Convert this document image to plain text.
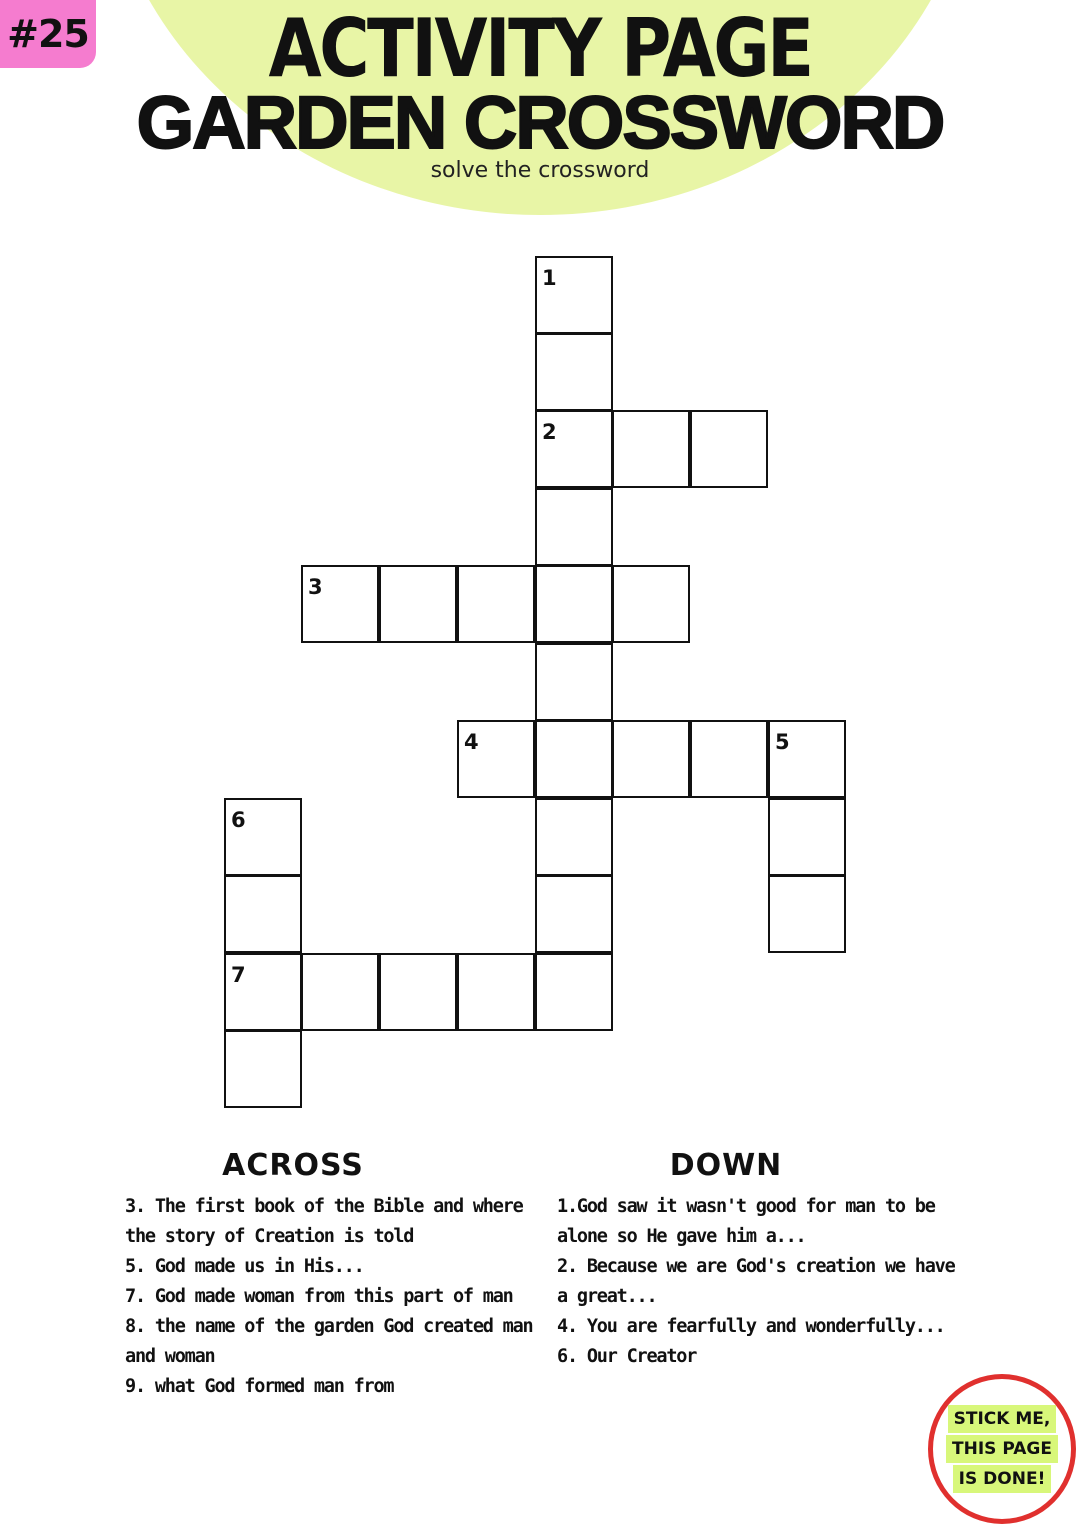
#25	ACTIVITY PAGE
GARDEN CROSSWORD
solve the crossword
1
2
3
4	5
6
7
ACROSS	DOWN

3. The first book of the Bible and where the story of Creation is told

5. God made us in His...

7. God made woman from this part of man

8. the name of the garden God created man and woman

9. what God formed man from

1.God saw it wasn't good for man to be alone so He gave him a...

2. Because we are God's creation we have a great...

4. You are fearfully and wonderfully...

6. Our Creator

STICK ME,
THIS PAGE
IS DONE!
